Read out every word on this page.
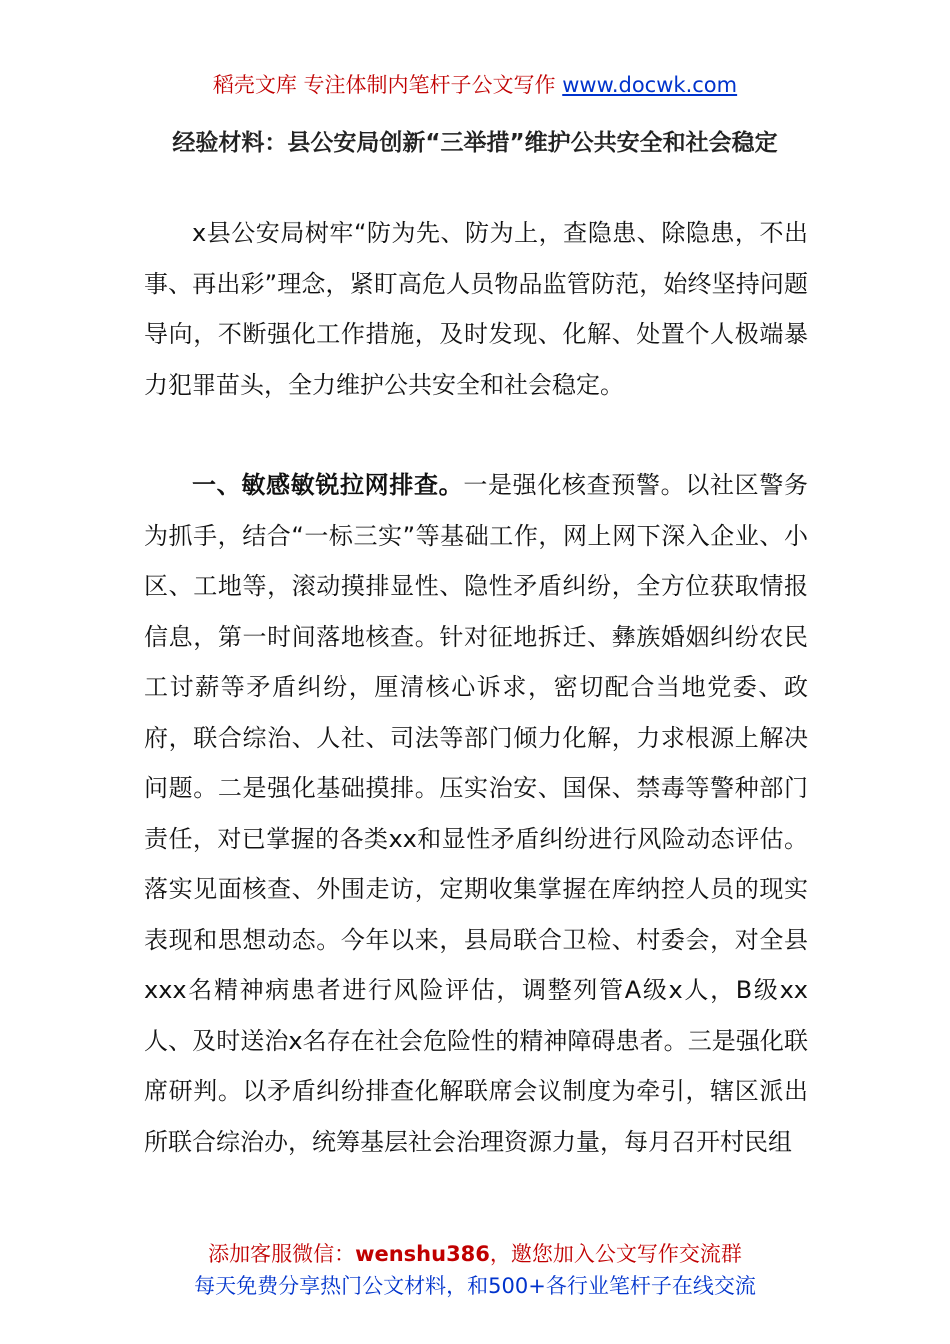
稻壳文库 专注体制内笔杆子公文写作 www.docwk.com
经验材料：县公安局创新“三举措”维护公共安全和社会稳定

x县公安局树牢“防为先、防为上，查隐患、除隐患，不出事、再出彩”理念，紧盯高危人员物品监管防范，始终坚持问题导向，不断强化工作措施，及时发现、化解、处置个人极端暴力犯罪苗头，全力维护公共安全和社会稳定。

一、敏感敏锐拉网排查。一是强化核查预警。以社区警务为抓手，结合“一标三实”等基础工作，网上网下深入企业、小区、工地等，滚动摸排显性、隐性矛盾纠纷，全方位获取情报信息，第一时间落地核查。针对征地拆迁、彝族婚姻纠纷农民工讨薪等矛盾纠纷，厘清核心诉求，密切配合当地党委、政府，联合综治、人社、司法等部门倾力化解，力求根源上解决问题。二是强化基础摸排。压实治安、国保、禁毒等警种部门责任，对已掌握的各类xx和显性矛盾纠纷进行风险动态评估。落实见面核查、外围走访，定期收集掌握在库纳控人员的现实表现和思想动态。今年以来，县局联合卫检、村委会，对全县xxx名精神病患者进行风险评估，调整列管A级x人，B级xx人、及时送治x名存在社会危险性的精神障碍患者。三是强化联席研判。以矛盾纠纷排查化解联席会议制度为牵引，辖区派出所联合综治办，统筹基层社会治理资源力量，每月召开村民组

添加客服微信：wenshu386，邀您加入公文写作交流群
每天免费分享热门公文材料，和500+各行业笔杆子在线交流
